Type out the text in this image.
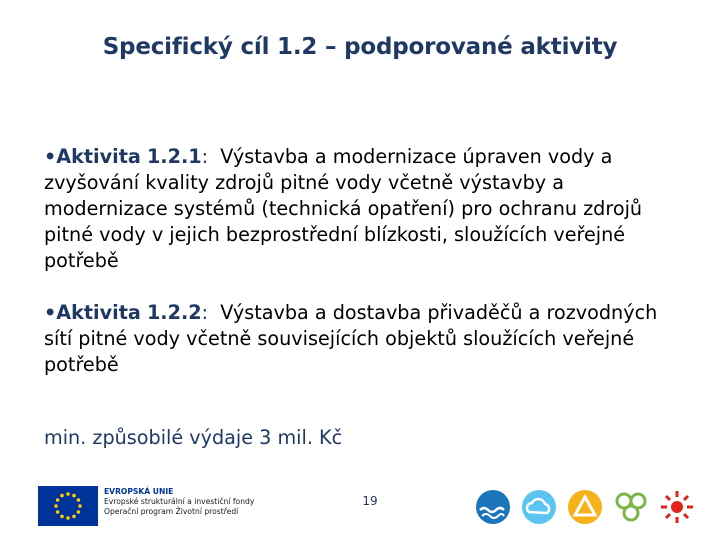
Specifický cíl 1.2 – podporované aktivity
•Aktivita 1.2.1:  Výstavba a modernizace úpraven vody a zvyšování kvality zdrojů pitné vody včetně výstavby a modernizace systémů (technická opatření) pro ochranu zdrojů pitné vody v jejich bezprostřední blízkosti, sloužících veřejné potřebě
•Aktivita 1.2.2:  Výstavba a dostavba přivaděčů a rozvodných sítí pitné vody včetně souvisejících objektů sloužících veřejné potřebě
min. způsobilé výdaje 3 mil. Kč
EVROPSKÁ UNIE
Evropské strukturální a investiční fondy
Operační program Životní prostředí
19
